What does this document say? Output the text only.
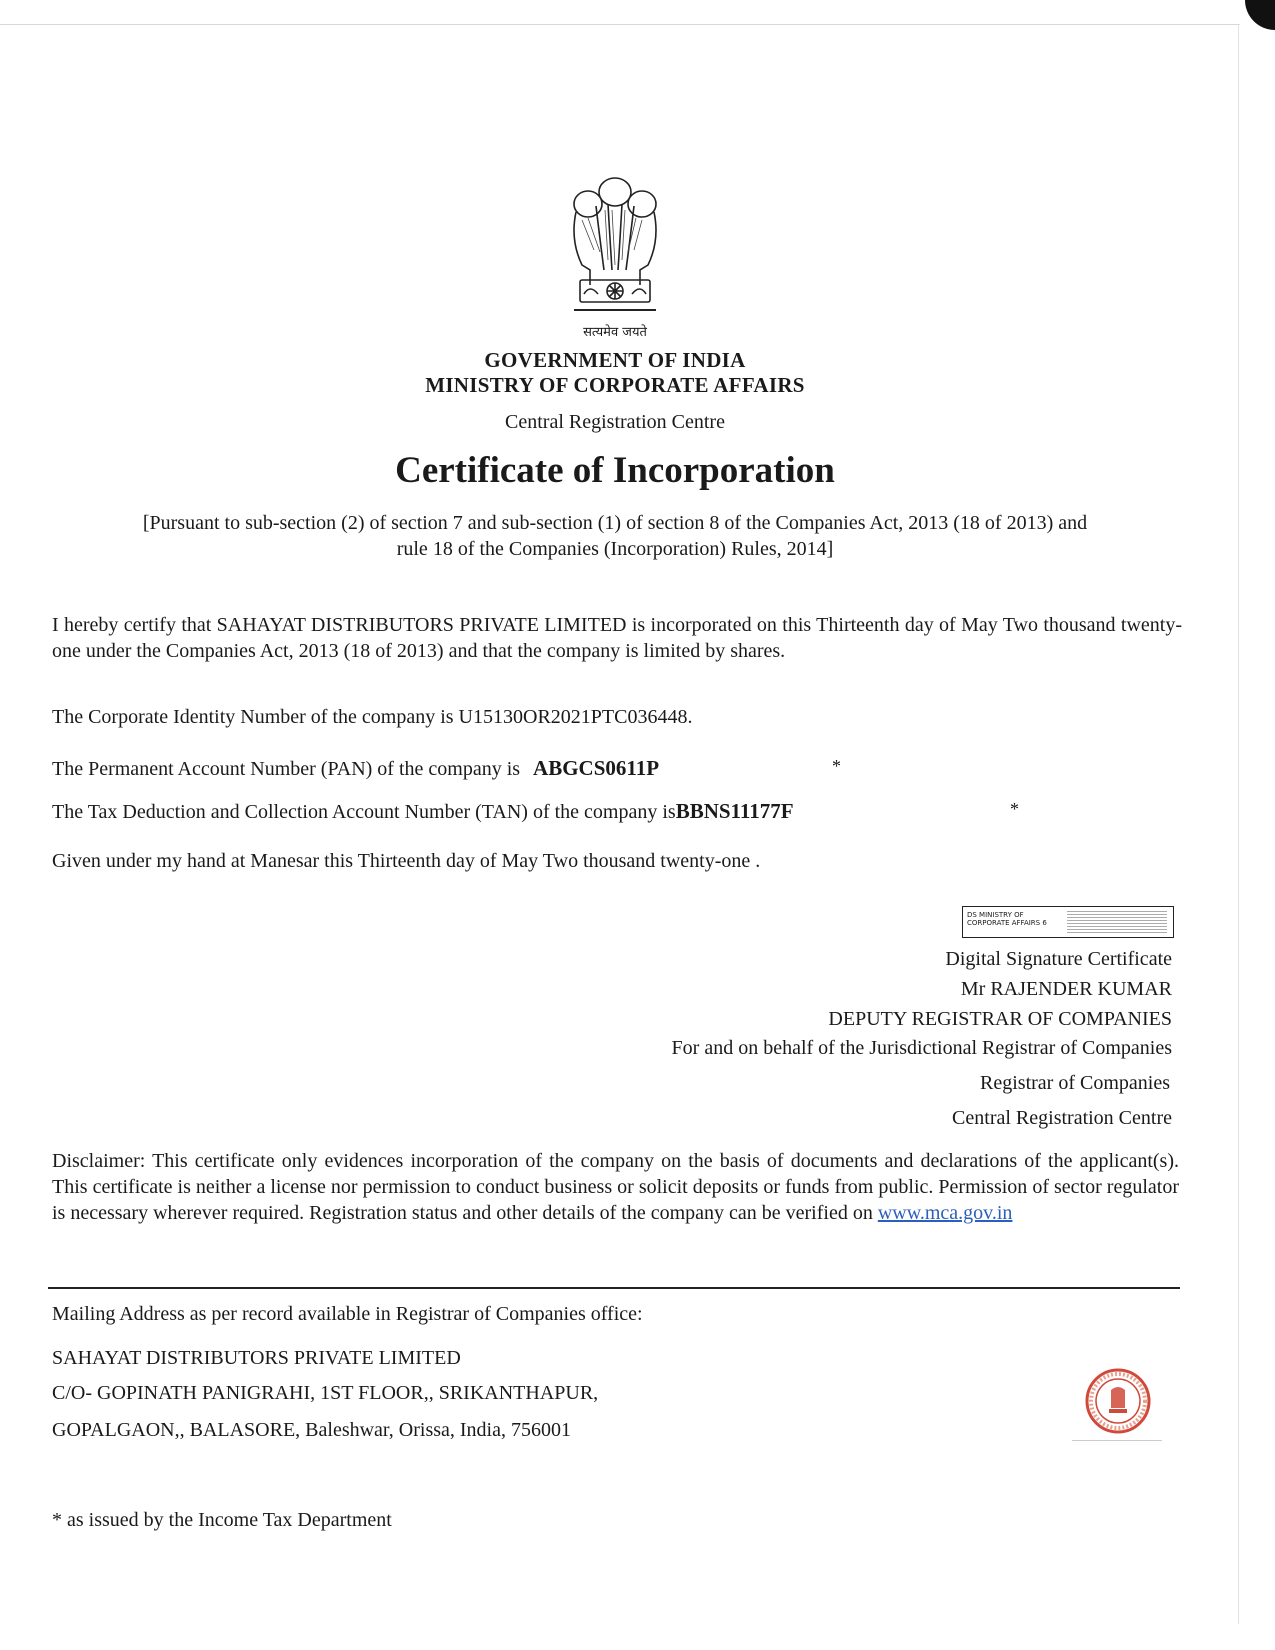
सत्यमेव जयते
GOVERNMENT OF INDIA
MINISTRY OF CORPORATE AFFAIRS
Central Registration Centre
Certificate of Incorporation
[Pursuant to sub-section (2) of section 7 and sub-section (1) of section 8 of the Companies Act, 2013 (18 of 2013) and
rule 18 of the Companies (Incorporation) Rules, 2014]
I hereby certify that SAHAYAT DISTRIBUTORS PRIVATE LIMITED is incorporated on this Thirteenth day of May Two thousand twenty-one under the Companies Act, 2013 (18 of 2013) and that the company is limited by shares.
The Corporate Identity Number of the company is U15130OR2021PTC036448.
The Permanent Account Number (PAN) of the company is ABGCS0611P	*
The Tax Deduction and Collection Account Number (TAN) of the company isBBNS11177F	*
Given under my hand at Manesar this Thirteenth day of May Two thousand twenty-one .
DS MINISTRY OF CORPORATE AFFAIRS 6
Digital Signature Certificate
Mr RAJENDER KUMAR
DEPUTY REGISTRAR OF COMPANIES
For and on behalf of the Jurisdictional Registrar of Companies
Registrar of Companies
Central Registration Centre
Disclaimer: This certificate only evidences incorporation of the company on the basis of documents and declarations of the applicant(s). This certificate is neither a license nor permission to conduct business or solicit deposits or funds from public. Permission of sector regulator is necessary wherever required. Registration status and other details of the company can be verified on www.mca.gov.in
Mailing Address as per record available in Registrar of Companies office:
SAHAYAT DISTRIBUTORS PRIVATE LIMITED
C/O- GOPINATH PANIGRAHI, 1ST FLOOR,, SRIKANTHAPUR,
GOPALGAON,, BALASORE, Baleshwar, Orissa, India, 756001
* as issued by the Income Tax Department
